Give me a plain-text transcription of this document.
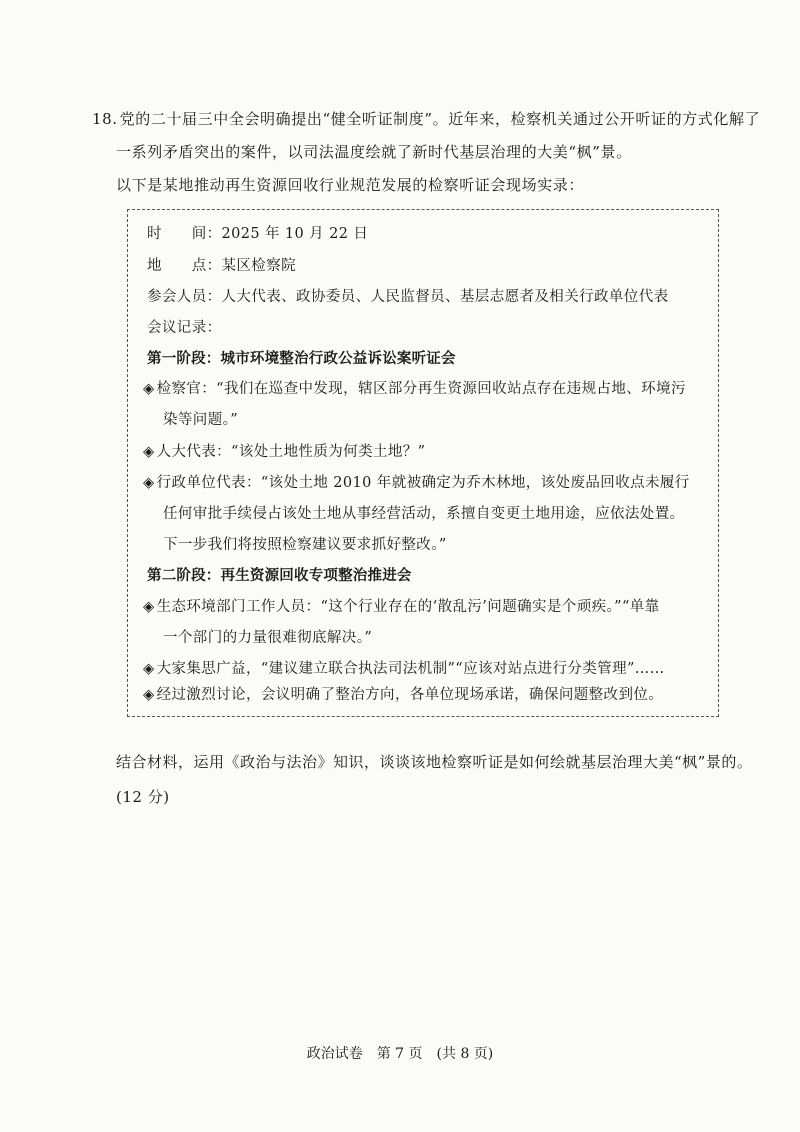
18. 党的二十届三中全会明确提出“健全听证制度”。近年来，检察机关通过公开听证的方式化解了
一系列矛盾突出的案件，以司法温度绘就了新时代基层治理的大美“枫”景。
以下是某地推动再生资源回收行业规范发展的检察听证会现场实录：
时　　间：2025 年 10 月 22 日
地　　点：某区检察院
参会人员：人大代表、政协委员、人民监督员、基层志愿者及相关行政单位代表
会议记录：
第一阶段：城市环境整治行政公益诉讼案听证会
◈ 检察官：“我们在巡查中发现，辖区部分再生资源回收站点存在违规占地、环境污
染等问题。”
◈ 人大代表：“该处土地性质为何类土地？”
◈ 行政单位代表：“该处土地 2010 年就被确定为乔木林地，该处废品回收点未履行
任何审批手续侵占该处土地从事经营活动，系擅自变更土地用途，应依法处置。
下一步我们将按照检察建议要求抓好整改。”
第二阶段：再生资源回收专项整治推进会
◈ 生态环境部门工作人员：“这个行业存在的‘散乱污’问题确实是个顽疾。”“单靠
一个部门的力量很难彻底解决。”
◈ 大家集思广益，“建议建立联合执法司法机制”“应该对站点进行分类管理”……
◈ 经过激烈讨论，会议明确了整治方向，各单位现场承诺，确保问题整改到位。
结合材料，运用《政治与法治》知识，谈谈该地检察听证是如何绘就基层治理大美“枫”景的。
(12 分)
政治试卷　第 7 页　(共 8 页)
